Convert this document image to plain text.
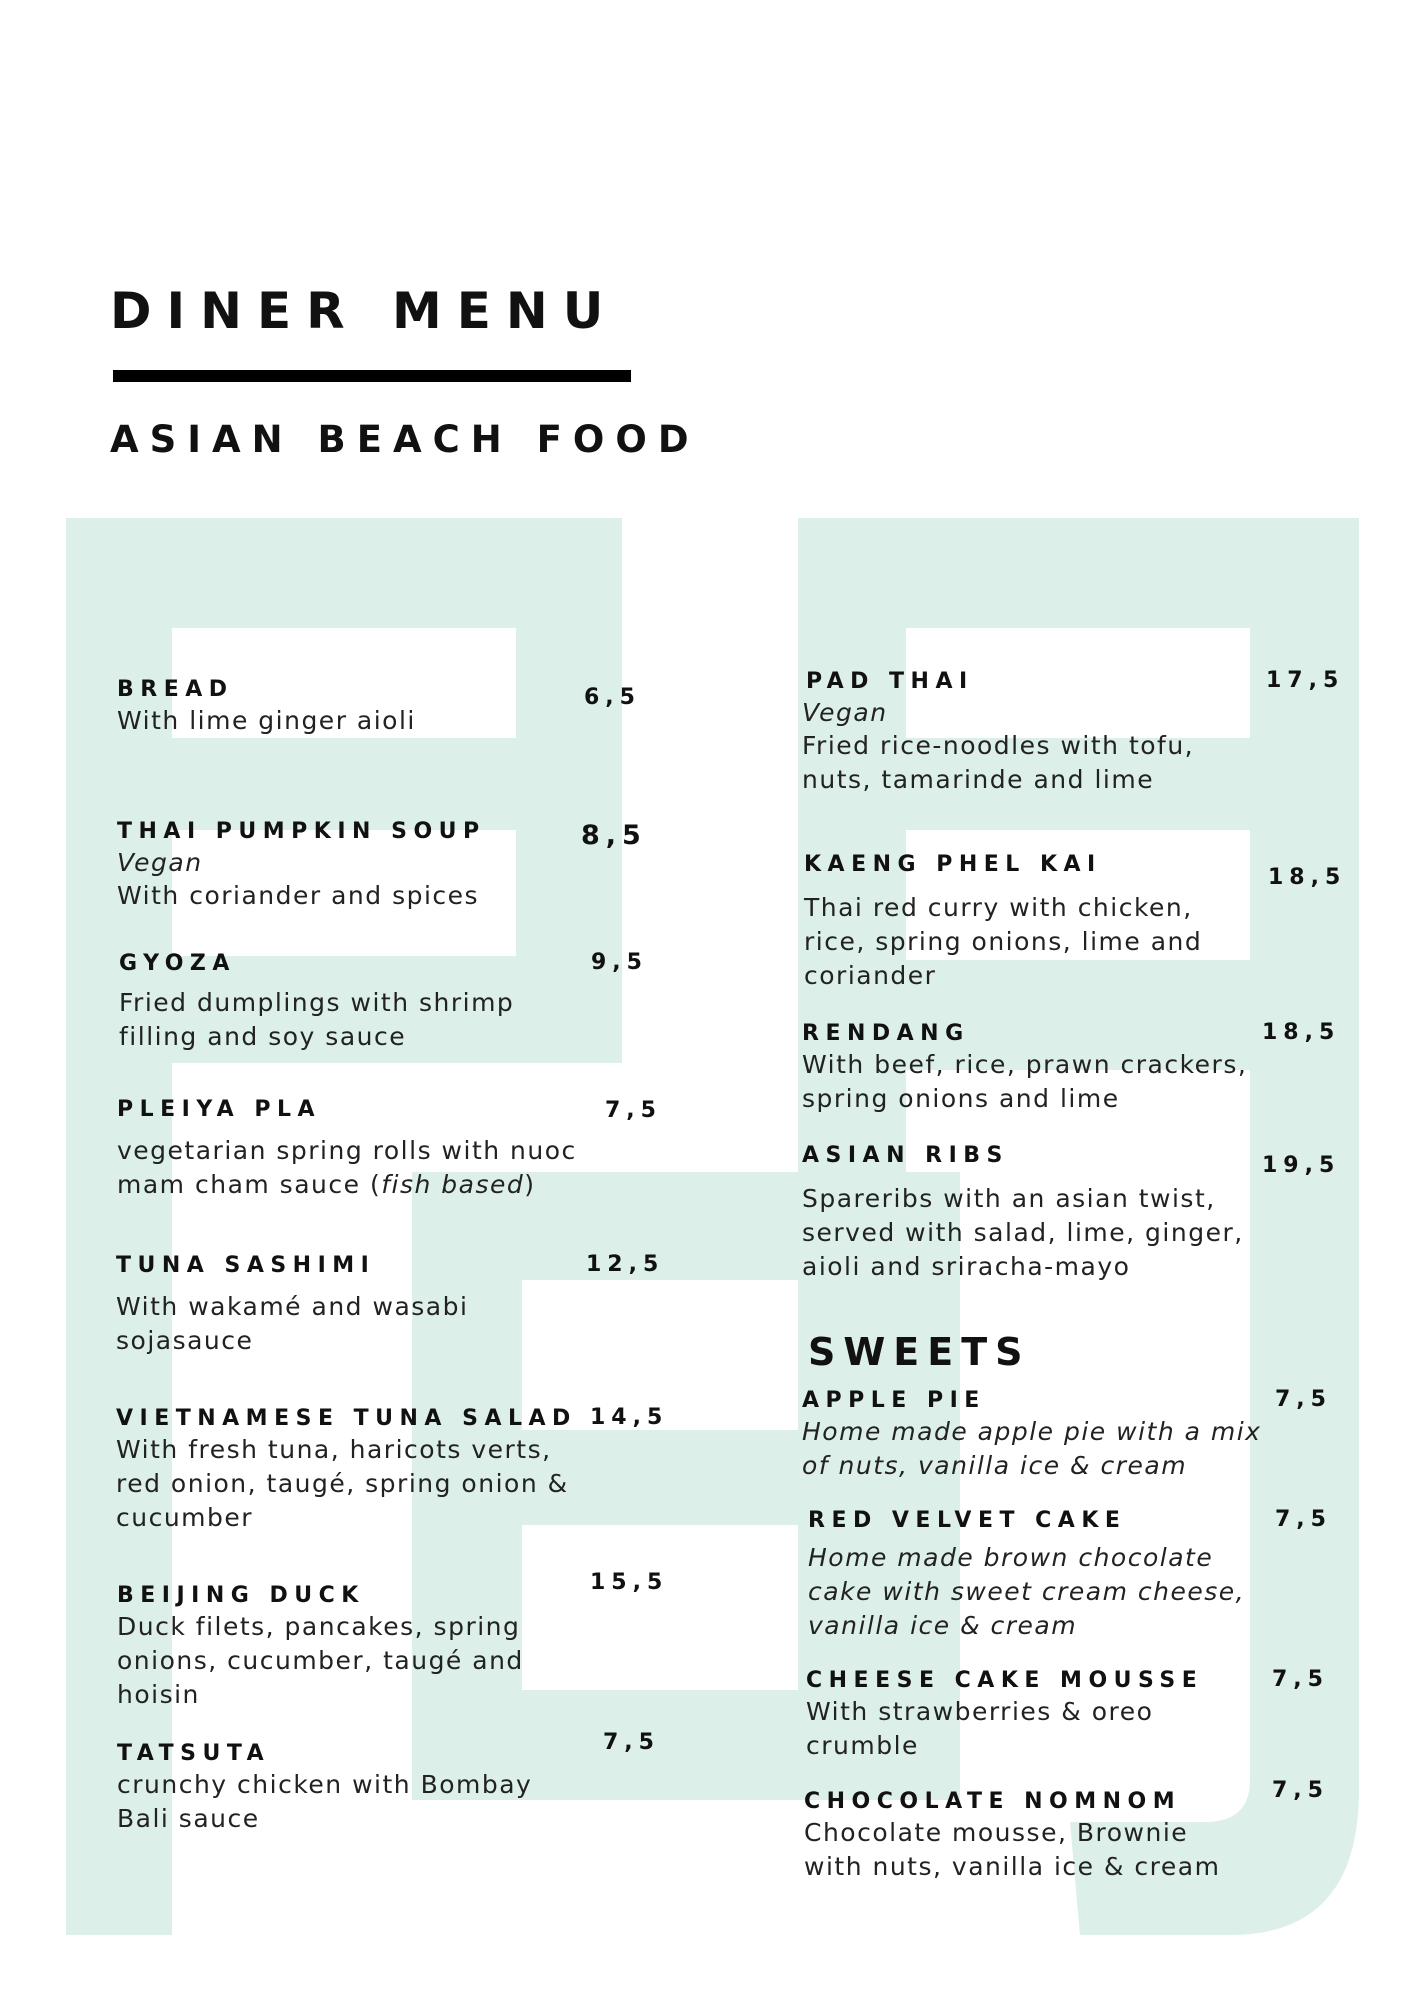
DINER MENU
ASIAN BEACH FOOD
BREAD
With lime ginger aioli
6,5
THAI PUMPKIN SOUP
Vegan
With coriander and spices
8,5
GYOZA
Fried dumplings with shrimp
filling and soy sauce
9,5
PLEIYA PLA
vegetarian spring rolls with nuoc
mam cham sauce (fish based)
7,5
TUNA SASHIMI
With wakamé and wasabi
sojasauce
12,5
VIETNAMESE TUNA SALAD
With fresh tuna, haricots verts,
red onion, taugé, spring onion &
cucumber
14,5
BEIJING DUCK
Duck filets, pancakes, spring
onions, cucumber, taugé and
hoisin
15,5
TATSUTA
crunchy chicken with Bombay
Bali sauce
7,5
PAD THAI
Vegan
Fried rice-noodles with tofu,
nuts, tamarinde and lime
17,5
KAENG PHEL KAI
Thai red curry with chicken,
rice, spring onions, lime and
coriander
18,5
RENDANG
With beef, rice, prawn crackers,
spring onions and lime
18,5
ASIAN RIBS
Spareribs with an asian twist,
served with salad, lime, ginger,
aioli and sriracha-mayo
19,5
SWEETS
APPLE PIE
Home made apple pie with a mix
of nuts, vanilla ice & cream
7,5
RED VELVET CAKE
Home made brown chocolate
cake with sweet cream cheese,
vanilla ice & cream
7,5
CHEESE CAKE MOUSSE
With strawberries & oreo
crumble
7,5
CHOCOLATE NOMNOM
Chocolate mousse, Brownie
with nuts, vanilla ice & cream
7,5
